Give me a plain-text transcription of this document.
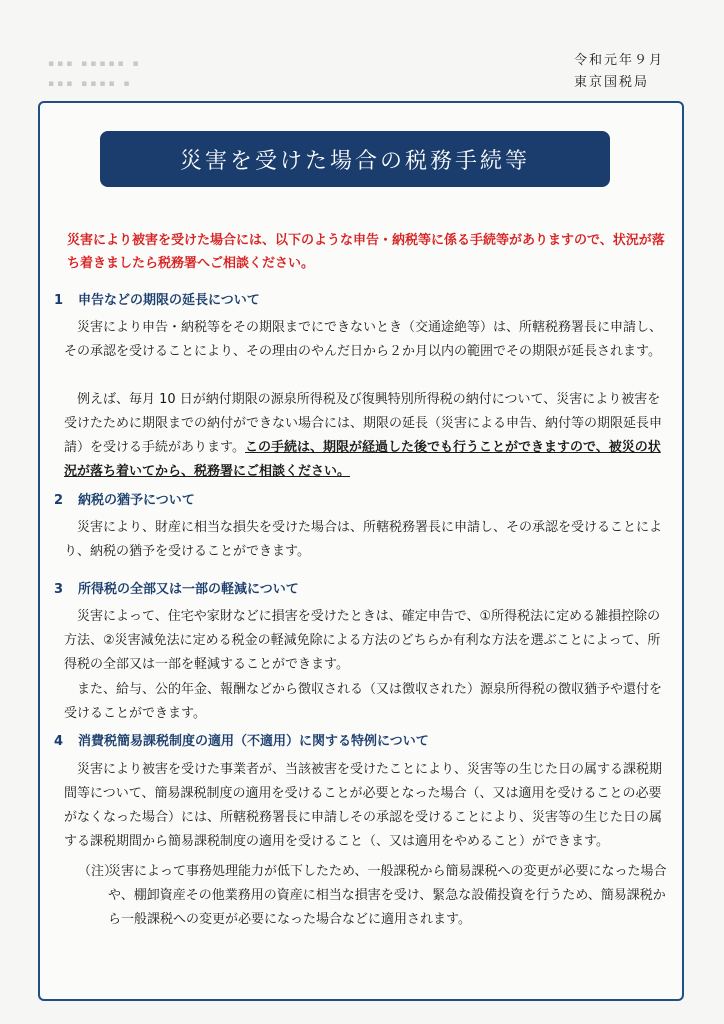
▪▪▪ ▪▪▪▪▪ ▪
▪▪▪ ▪▪▪▪ ▪
令和元年９月
東京国税局
災害を受けた場合の税務手続等

災害により被害を受けた場合には、以下のような申告・納税等に係る手続等がありますので、状況が落ち着きましたら税務署へご相談ください。

1 申告などの期限の延長について

災害により申告・納税等をその期限までにできないとき（交通途絶等）は、所轄税務署長に申請し、その承認を受けることにより、その理由のやんだ日から２か月以内の範囲でその期限が延長されます。

例えば、毎月 10 日が納付期限の源泉所得税及び復興特別所得税の納付について、災害により被害を受けたために期限までの納付ができない場合には、期限の延長（災害による申告、納付等の期限延長申請）を受ける手続があります。この手続は、期限が経過した後でも行うことができますので、被災の状況が落ち着いてから、税務署にご相談ください。

2 納税の猶予について

災害により、財産に相当な損失を受けた場合は、所轄税務署長に申請し、その承認を受けることにより、納税の猶予を受けることができます。

3 所得税の全部又は一部の軽減について

災害によって、住宅や家財などに損害を受けたときは、確定申告で、①所得税法に定める雑損控除の方法、②災害減免法に定める税金の軽減免除による方法のどちらか有利な方法を選ぶことによって、所得税の全部又は一部を軽減することができます。

また、給与、公的年金、報酬などから徴収される（又は徴収された）源泉所得税の徴収猶予や還付を受けることができます。

4 消費税簡易課税制度の適用（不適用）に関する特例について

災害により被害を受けた事業者が、当該被害を受けたことにより、災害等の生じた日の属する課税期間等について、簡易課税制度の適用を受けることが必要となった場合（、又は適用を受けることの必要がなくなった場合）には、所轄税務署長に申請しその承認を受けることにより、災害等の生じた日の属する課税期間から簡易課税制度の適用を受けること（、又は適用をやめること）ができます。

（注）
災害によって事務処理能力が低下したため、一般課税から簡易課税への変更が必要になった場合や、棚卸資産その他業務用の資産に相当な損害を受け、緊急な設備投資を行うため、簡易課税から一般課税への変更が必要になった場合などに適用されます。
